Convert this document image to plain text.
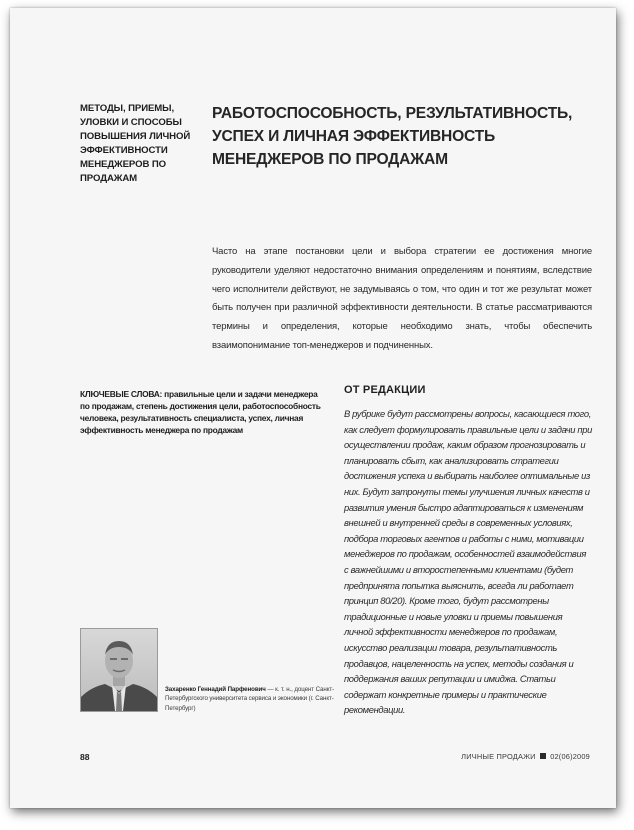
МЕТОДЫ, ПРИЕМЫ, УЛОВКИ И СПОСОБЫ ПОВЫШЕНИЯ ЛИЧНОЙ ЭФФЕКТИВНОСТИ МЕНЕДЖЕРОВ ПО ПРОДАЖАМ
РАБОТОСПОСОБНОСТЬ, РЕЗУЛЬТАТИВНОСТЬ, УСПЕХ И ЛИЧНАЯ ЭФФЕКТИВНОСТЬ МЕНЕДЖЕРОВ ПО ПРОДАЖАМ
Часто на этапе постановки цели и выбора стратегии ее достижения многие руководители уделяют недостаточно внимания определениям и понятиям, вследствие чего исполнители действуют, не задумываясь о том, что один и тот же результат может быть получен при различной эффективности деятельности. В статье рассматриваются термины и определения, которые необходимо знать, чтобы обеспечить взаимопонимание топ-менеджеров и подчиненных.
КЛЮЧЕВЫЕ СЛОВА: правильные цели и задачи менеджера по продажам, степень достижения цели, работоспособность человека, результативность специалиста, успех, личная эффективность менеджера по продажам
ОТ РЕДАКЦИИ
В рубрике будут рассмотрены вопросы, касающиеся того, как следует формулировать правильные цели и задачи при осуществлении продаж, каким образом прогнозировать и планировать сбыт, как анализировать стратегии достижения успеха и выбирать наиболее оптимальные из них. Будут затронуты темы улучшения личных качеств и развития умения быстро адаптироваться к изменениям внешней и внутренней среды в современных условиях, подбора торговых агентов и работы с ними, мотивации менеджеров по продажам, особенностей взаимодействия с важнейшими и второстепенными клиентами (будет предпринята попытка выяснить, всегда ли работает принцип 80/20). Кроме того, будут рассмотрены традиционные и новые уловки и приемы повышения личной эффективности менеджеров по продажам, искусство реализации товара, результативность продавцов, нацеленность на успех, методы создания и поддержания ваших репутации и имиджа. Статьи содержат конкретные примеры и практические рекомендации.
Захаренко Геннадий Парфенович — к. т. н., доцент Санкт-Петербургского университета сервиса и экономики (г. Санкт-Петербург)
88	ЛИЧНЫЕ ПРОДАЖИ 02(06)2009
